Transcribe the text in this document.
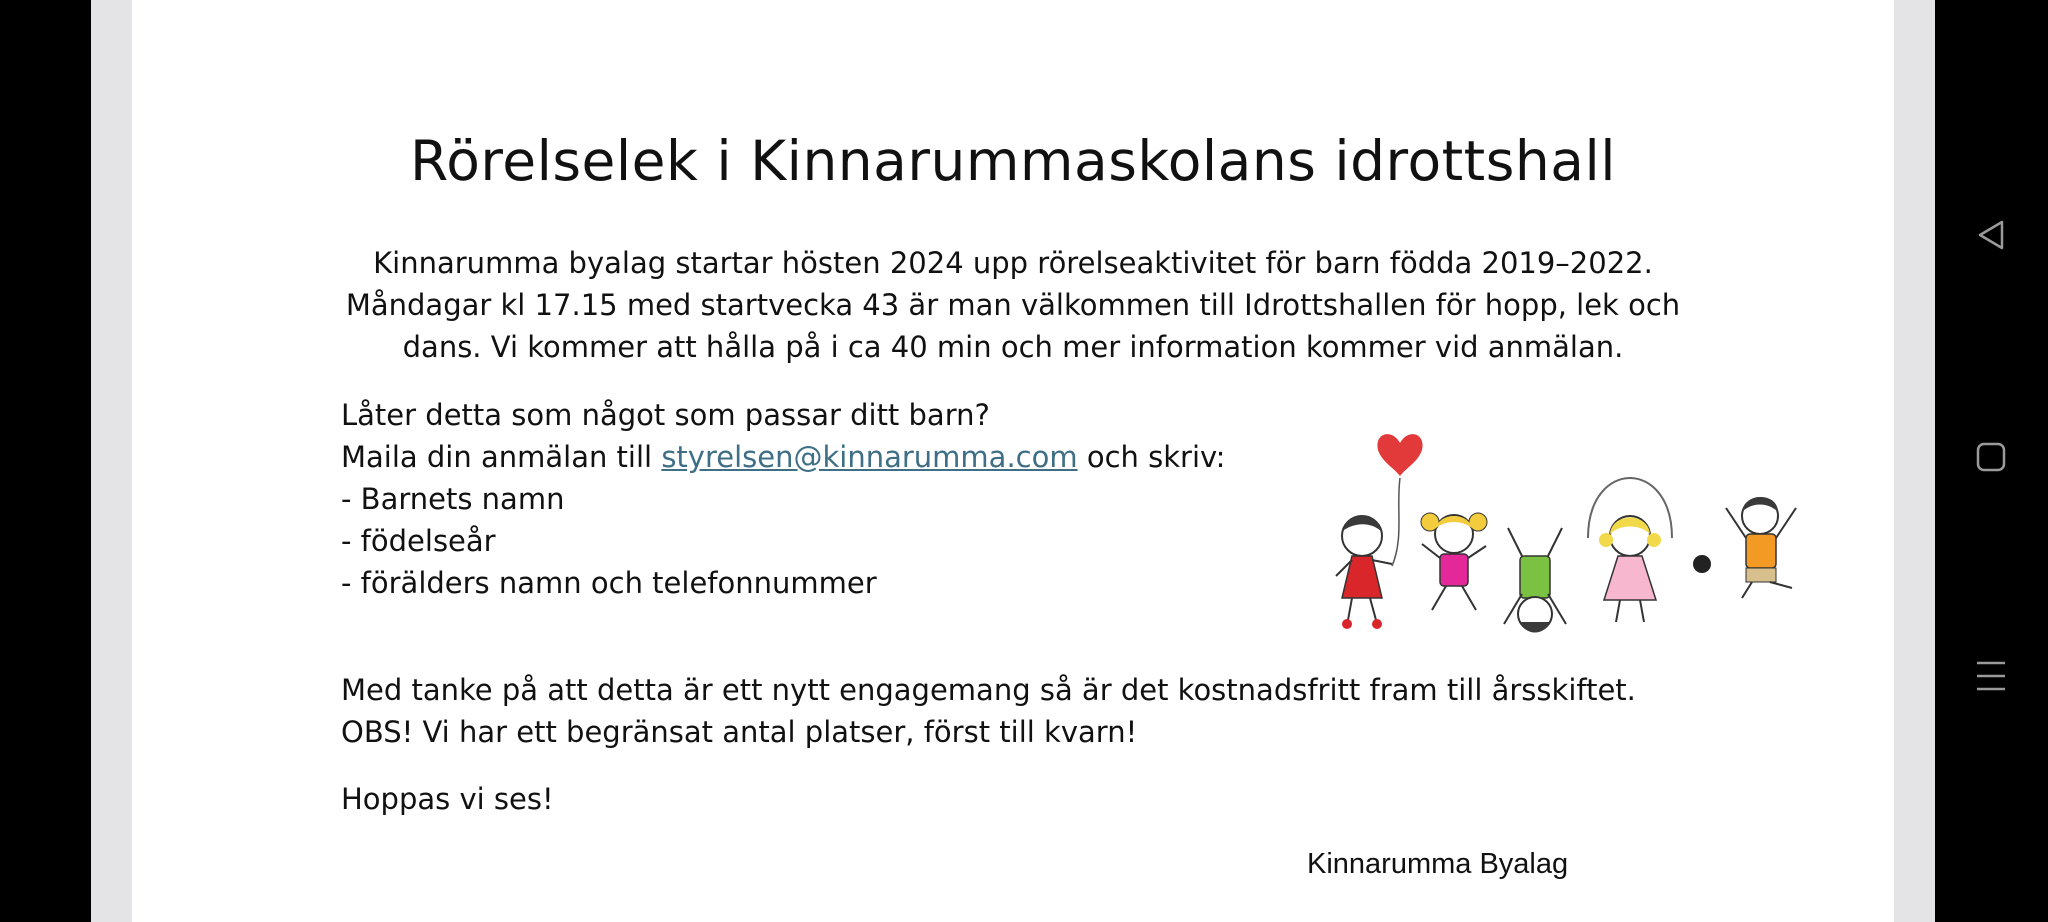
Rörelselek i Kinnarummaskolans idrottshall
Kinnarumma byalag startar hösten 2024 upp rörelseaktivitet för barn födda 2019–2022.
Måndagar kl 17.15 med startvecka 43 är man välkommen till Idrottshallen för hopp, lek och
dans. Vi kommer att hålla på i ca 40 min och mer information kommer vid anmälan.
Låter detta som något som passar ditt barn?
Maila din anmälan till styrelsen@kinnarumma.com och skriv:
- Barnets namn
- födelseår
- förälders namn och telefonnummer
Med tanke på att detta är ett nytt engagemang så är det kostnadsfritt fram till årsskiftet.
OBS! Vi har ett begränsat antal platser, först till kvarn!
Hoppas vi ses!
Kinnarumma Byalag
